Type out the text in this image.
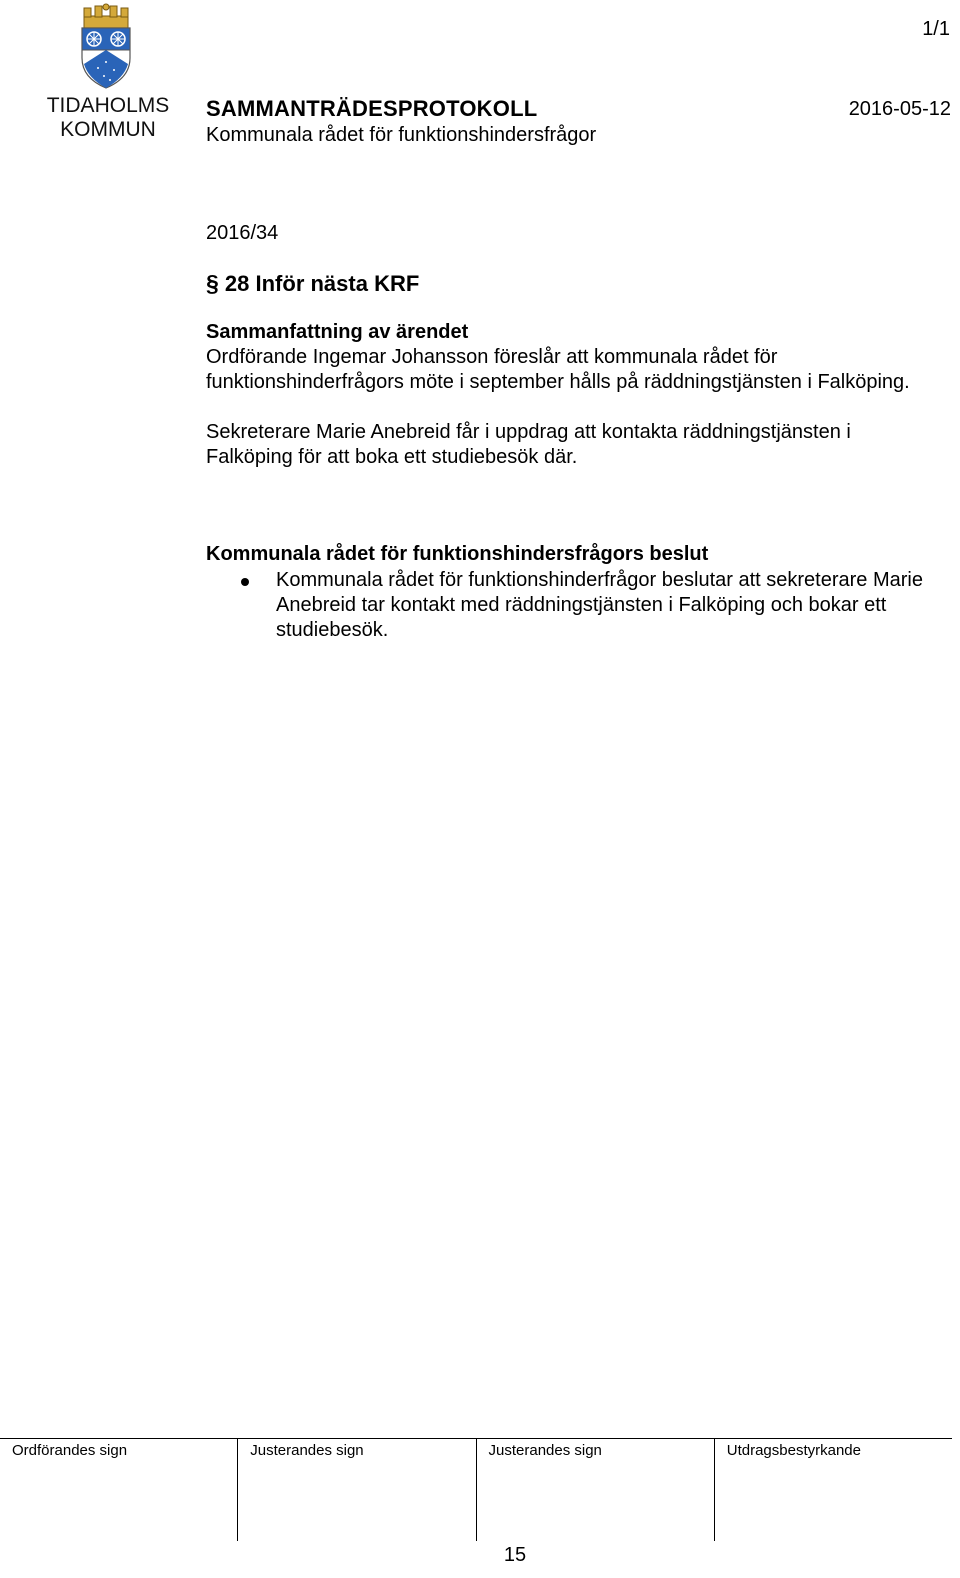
TIDAHOLMS
KOMMUN
1/1
SAMMANTRÄDESPROTOKOLL	2016-05-12
Kommunala rådet för funktionshindersfrågor
2016/34
§ 28 Inför nästa KRF
Sammanfattning av ärendet

Ordförande Ingemar Johansson föreslår att kommunala rådet för funktionshinderfrågors möte i september hålls på räddningstjänsten i Falköping.

Sekreterare Marie Anebreid får i uppdrag att kontakta räddningstjänsten i Falköping för att boka ett studiebesök där.

Kommunala rådet för funktionshindersfrågors beslut
Kommunala rådet för funktionshinderfrågor beslutar att sekreterare Marie Anebreid tar kontakt med räddningstjänsten i Falköping och bokar ett studiebesök.
Ordförandes sign	Justerandes sign	Justerandes sign	Utdragsbestyrkande
15
